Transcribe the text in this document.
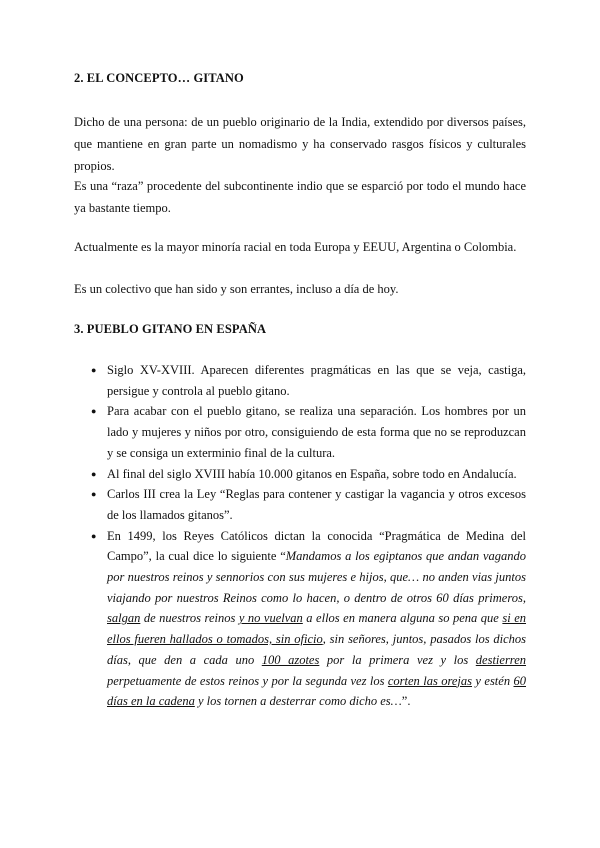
2. EL CONCEPTO… GITANO

Dicho de una persona: de un pueblo originario de la India, extendido por diversos países, que mantiene en gran parte un nomadismo y ha conservado rasgos físicos y culturales propios.

Es una “raza” procedente del subcontinente indio que se esparció por todo el mundo hace ya bastante tiempo.

Actualmente es la mayor minoría racial en toda Europa y EEUU, Argentina o Colombia.

Es un colectivo que han sido y son errantes, incluso a día de hoy.

3. PUEBLO GITANO EN ESPAÑA
● Siglo XV-XVIII. Aparecen diferentes pragmáticas en las que se veja, castiga, persigue y controla al pueblo gitano.
● Para acabar con el pueblo gitano, se realiza una separación. Los hombres por un lado y mujeres y niños por otro, consiguiendo de esta forma que no se reproduzcan y se consiga un exterminio final de la cultura.
● Al final del siglo XVIII había 10.000 gitanos en España, sobre todo en Andalucía.
● Carlos III crea la Ley “Reglas para contener y castigar la vagancia y otros excesos de los llamados gitanos”.
● En 1499, los Reyes Católicos dictan la conocida “Pragmática de Medina del Campo”, la cual dice lo siguiente “Mandamos a los egiptanos que andan vagando por nuestros reinos y sennorios con sus mujeres e hijos, que… no anden vias juntos viajando por nuestros Reinos como lo hacen, o dentro de otros 60 días primeros, salgan de nuestros reinos y no vuelvan a ellos en manera alguna so pena que si en ellos fueren hallados o tomados, sin oficio, sin señores, juntos, pasados los dichos días, que den a cada uno 100 azotes por la primera vez y los destierren perpetuamente de estos reinos y por la segunda vez los corten las orejas y estén 60 días en la cadena y los tornen a desterrar como dicho es…”.
